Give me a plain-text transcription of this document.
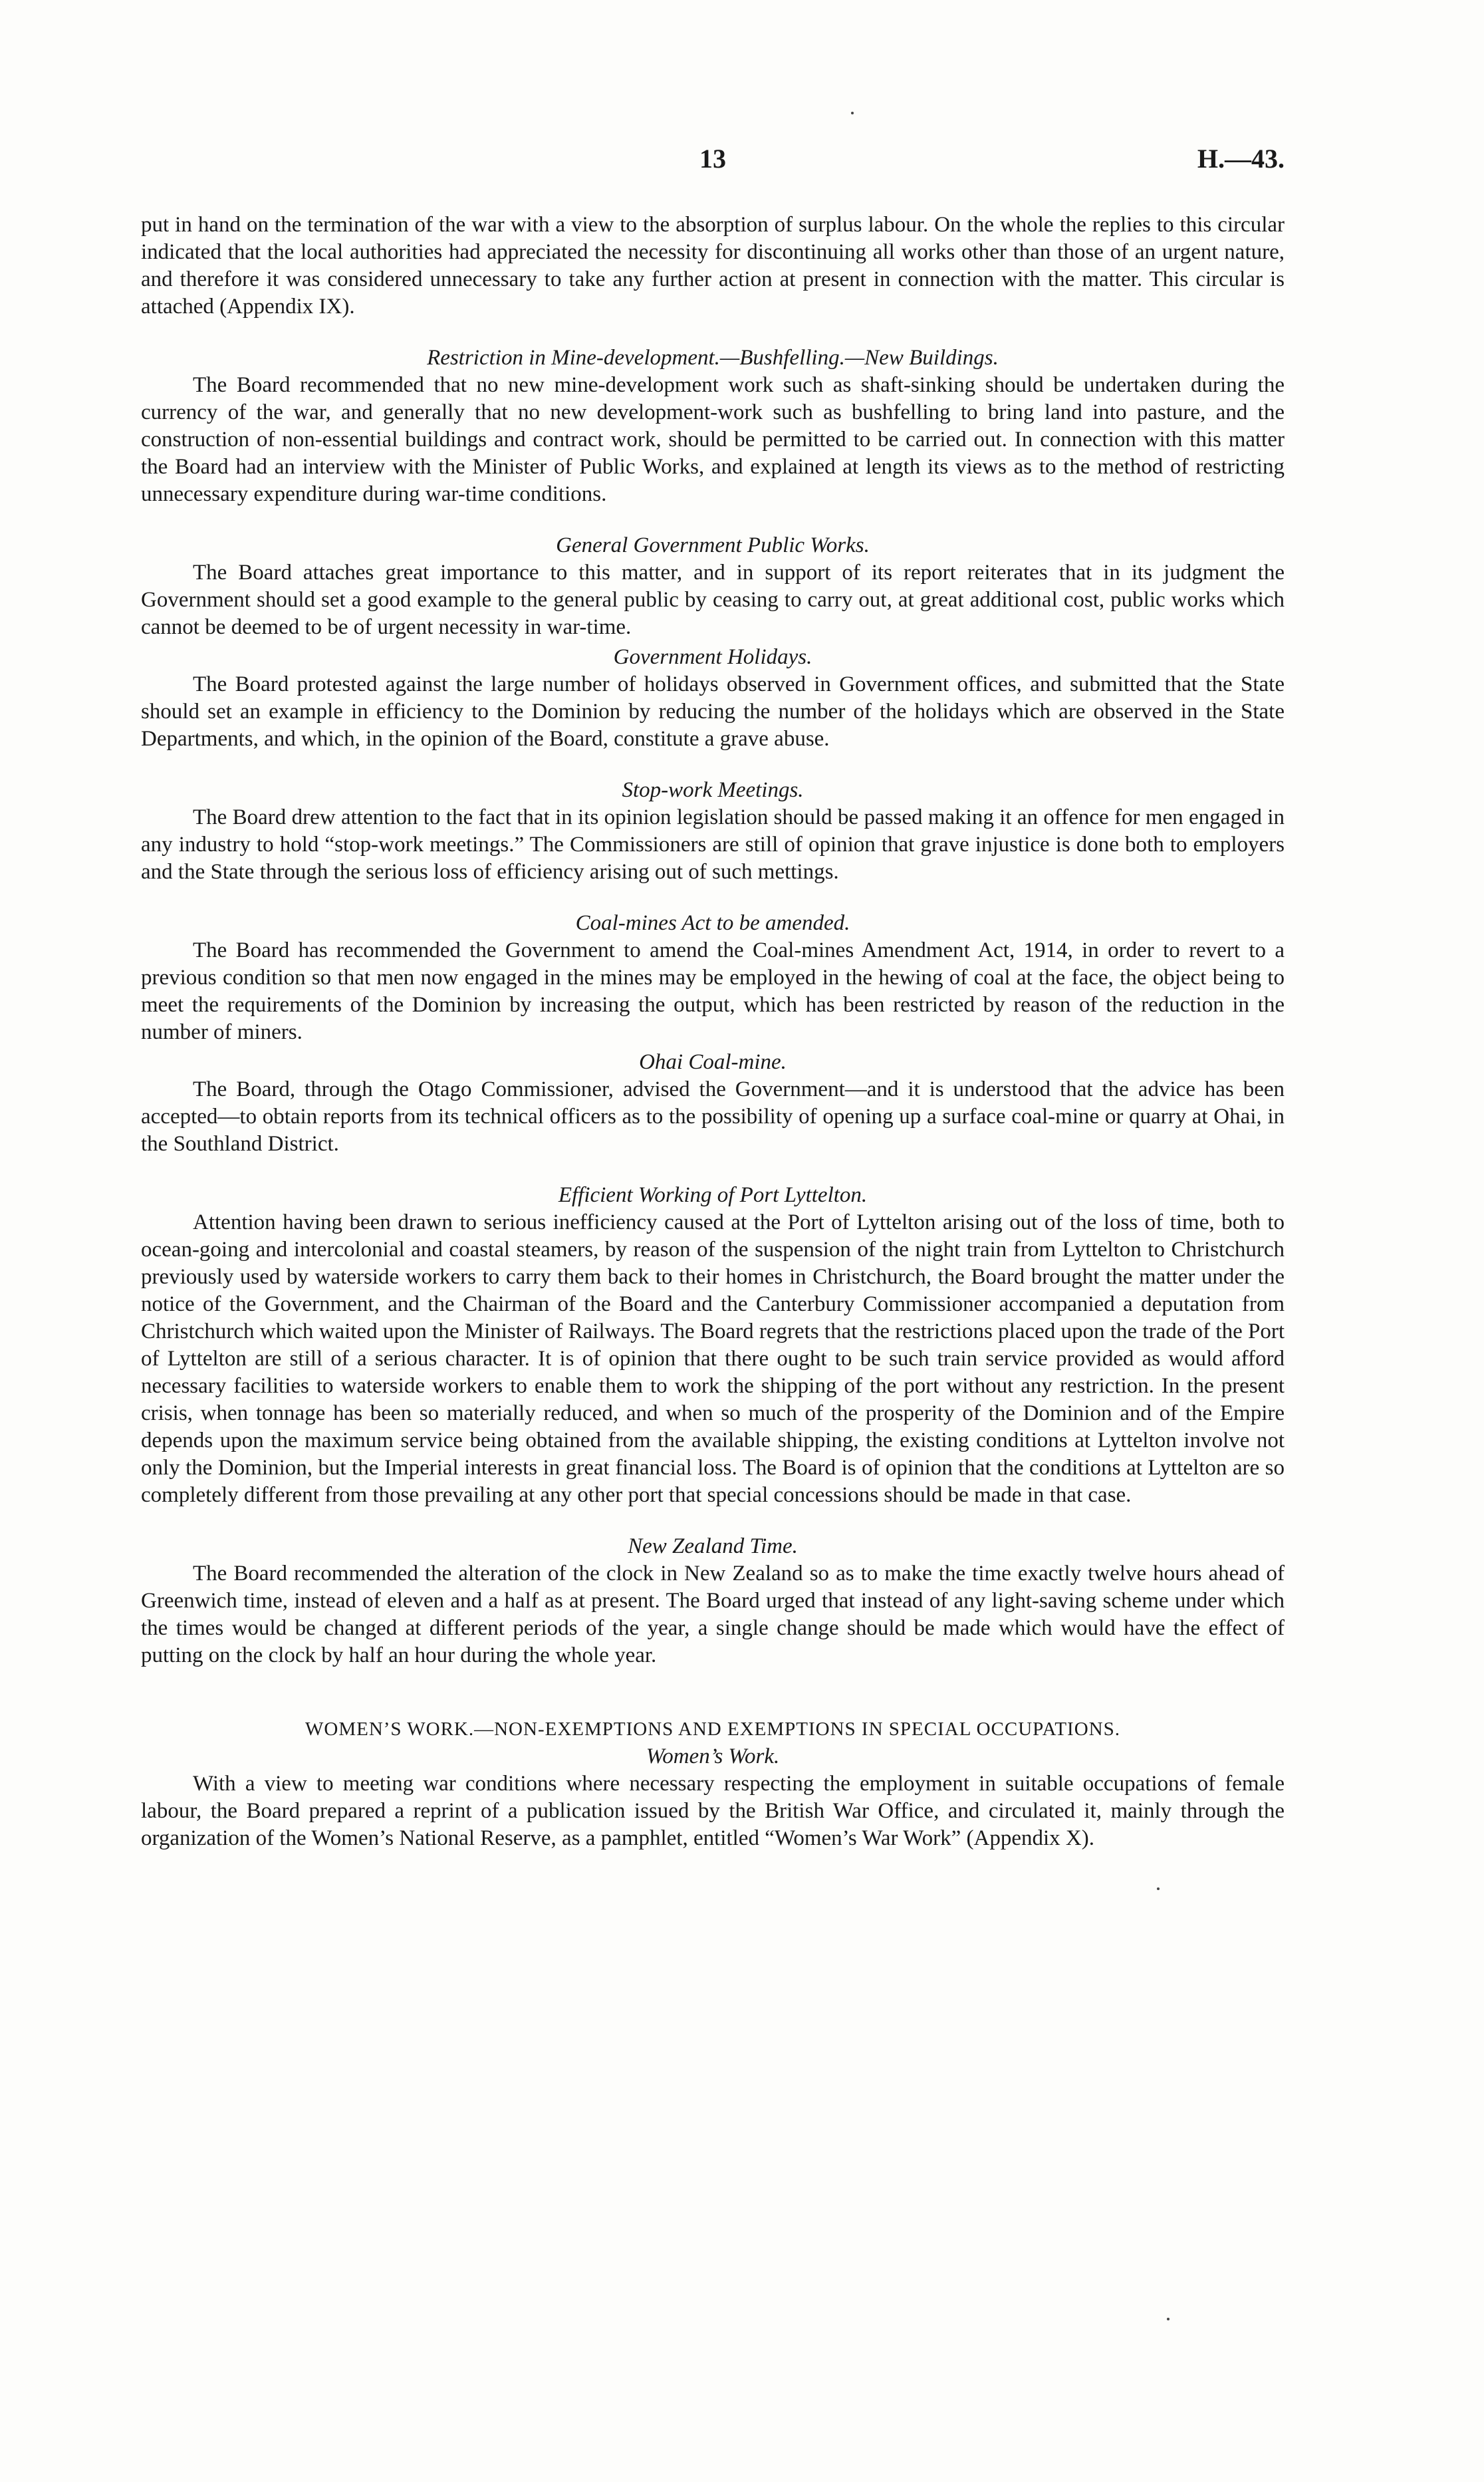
13	H.—43.

put in hand on the termination of the war with a view to the absorption of surplus labour. On the whole the replies to this circular indicated that the local authorities had appreciated the necessity for discontinuing all works other than those of an urgent nature, and therefore it was considered unnecessary to take any further action at present in connection with the matter. This circular is attached (Appendix IX).

Restriction in Mine-development.—Bushfelling.—New Buildings.

The Board recommended that no new mine-development work such as shaft-sinking should be undertaken during the currency of the war, and generally that no new development-work such as bushfelling to bring land into pasture, and the construction of non-essential buildings and contract work, should be permitted to be carried out. In connection with this matter the Board had an interview with the Minister of Public Works, and explained at length its views as to the method of restricting unnecessary expenditure during war-time conditions.

General Government Public Works.

The Board attaches great importance to this matter, and in support of its report reiterates that in its judgment the Government should set a good example to the general public by ceasing to carry out, at great additional cost, public works which cannot be deemed to be of urgent necessity in war-time.

Government Holidays.

The Board protested against the large number of holidays observed in Government offices, and submitted that the State should set an example in efficiency to the Dominion by reducing the number of the holidays which are observed in the State Departments, and which, in the opinion of the Board, constitute a grave abuse.

Stop-work Meetings.

The Board drew attention to the fact that in its opinion legislation should be passed making it an offence for men engaged in any industry to hold “stop-work meetings.” The Commissioners are still of opinion that grave injustice is done both to employers and the State through the serious loss of efficiency arising out of such mettings.

Coal-mines Act to be amended.

The Board has recommended the Government to amend the Coal-mines Amendment Act, 1914, in order to revert to a previous condition so that men now engaged in the mines may be employed in the hewing of coal at the face, the object being to meet the requirements of the Dominion by increasing the output, which has been restricted by reason of the reduction in the number of miners.

Ohai Coal-mine.

The Board, through the Otago Commissioner, advised the Government—and it is understood that the advice has been accepted—to obtain reports from its technical officers as to the possibility of opening up a surface coal-mine or quarry at Ohai, in the Southland District.

Efficient Working of Port Lyttelton.

Attention having been drawn to serious inefficiency caused at the Port of Lyttelton arising out of the loss of time, both to ocean-going and intercolonial and coastal steamers, by reason of the suspension of the night train from Lyttelton to Christchurch previously used by waterside workers to carry them back to their homes in Christchurch, the Board brought the matter under the notice of the Government, and the Chairman of the Board and the Canterbury Commissioner accompanied a deputation from Christchurch which waited upon the Minister of Railways. The Board regrets that the restrictions placed upon the trade of the Port of Lyttelton are still of a serious character. It is of opinion that there ought to be such train service provided as would afford necessary facilities to waterside workers to enable them to work the shipping of the port without any restriction. In the present crisis, when tonnage has been so materially reduced, and when so much of the prosperity of the Dominion and of the Empire depends upon the maximum service being obtained from the available shipping, the existing conditions at Lyttelton involve not only the Dominion, but the Imperial interests in great financial loss. The Board is of opinion that the conditions at Lyttelton are so completely different from those prevailing at any other port that special concessions should be made in that case.

New Zealand Time.

The Board recommended the alteration of the clock in New Zealand so as to make the time exactly twelve hours ahead of Greenwich time, instead of eleven and a half as at present. The Board urged that instead of any light-saving scheme under which the times would be changed at different periods of the year, a single change should be made which would have the effect of putting on the clock by half an hour during the whole year.

WOMEN’S WORK.—NON-EXEMPTIONS AND EXEMPTIONS IN SPECIAL OCCUPATIONS.
Women’s Work.

With a view to meeting war conditions where necessary respecting the employment in suitable occupations of female labour, the Board prepared a reprint of a publication issued by the British War Office, and circulated it, mainly through the organization of the Women’s National Reserve, as a pamphlet, entitled “Women’s War Work” (Appendix X).
